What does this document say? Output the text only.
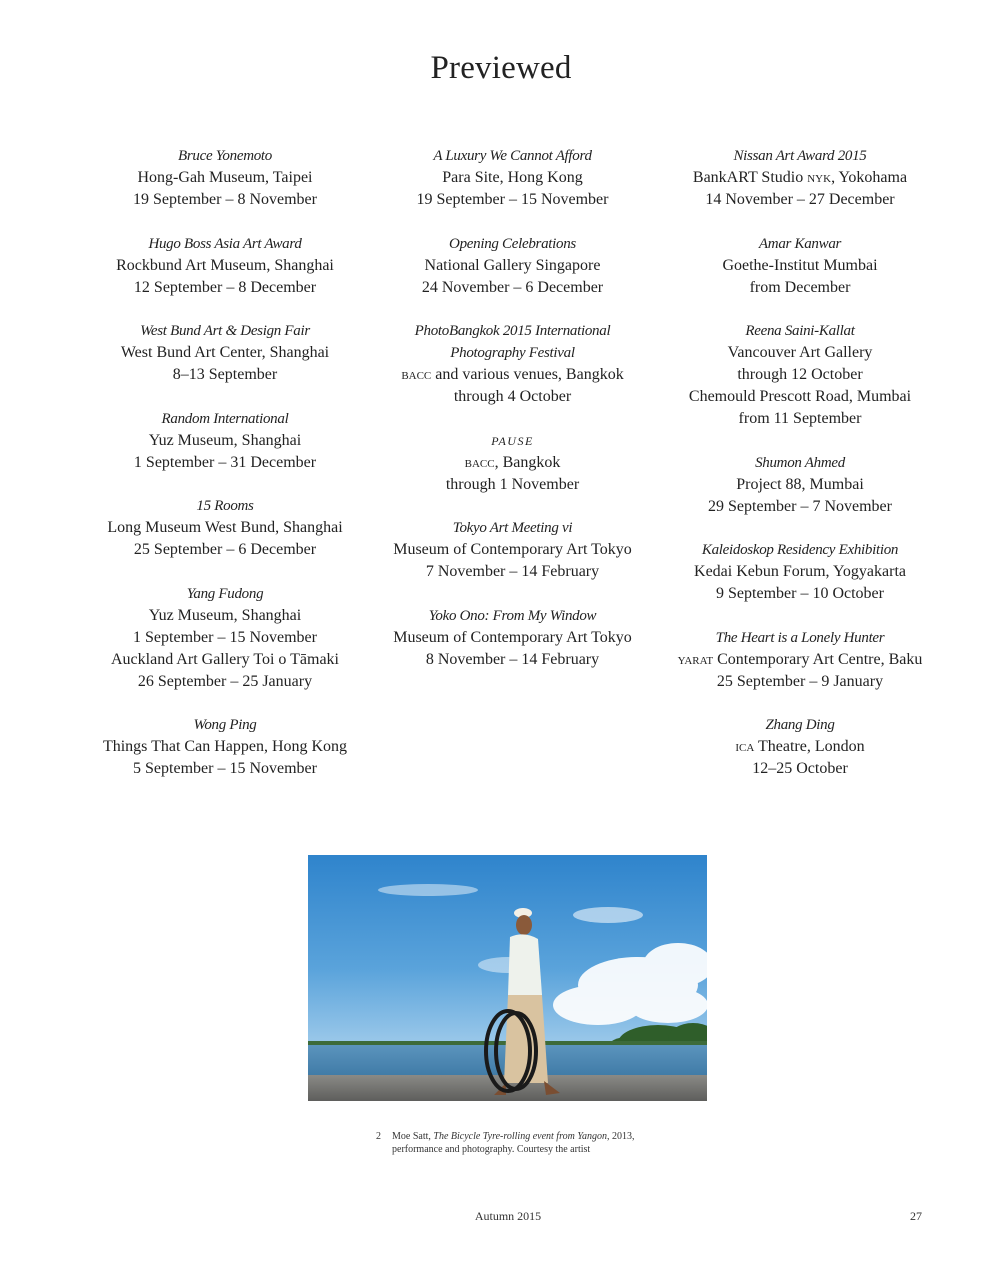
Previewed
Bruce Yonemoto
Hong-Gah Museum, Taipei
19 September – 8 November
Hugo Boss Asia Art Award
Rockbund Art Museum, Shanghai
12 September – 8 December
West Bund Art & Design Fair
West Bund Art Center, Shanghai
8–13 September
Random International
Yuz Museum, Shanghai
1 September – 31 December
15 Rooms
Long Museum West Bund, Shanghai
25 September – 6 December
Yang Fudong
Yuz Museum, Shanghai
1 September – 15 November
Auckland Art Gallery Toi o Tāmaki
26 September – 25 January
Wong Ping
Things That Can Happen, Hong Kong
5 September – 15 November
A Luxury We Cannot Afford
Para Site, Hong Kong
19 September – 15 November
Opening Celebrations
National Gallery Singapore
24 November – 6 December
PhotoBangkok 2015 International
Photography Festival
bacc and various venues, Bangkok
through 4 October
PAUSE
bacc, Bangkok
through 1 November
Tokyo Art Meeting vi
Museum of Contemporary Art Tokyo
7 November – 14 February
Yoko Ono: From My Window
Museum of Contemporary Art Tokyo
8 November – 14 February
Nissan Art Award 2015
BankART Studio nyk, Yokohama
14 November – 27 December
Amar Kanwar
Goethe-Institut Mumbai
from December
Reena Saini-Kallat
Vancouver Art Gallery
through 12 October
Chemould Prescott Road, Mumbai
from 11 September
Shumon Ahmed
Project 88, Mumbai
29 September – 7 November
Kaleidoskop Residency Exhibition
Kedai Kebun Forum, Yogyakarta
9 September – 10 October
The Heart is a Lonely Hunter
yarat Contemporary Art Centre, Baku
25 September – 9 January
Zhang Ding
ica Theatre, London
12–25 October
2 Moe Satt, The Bicycle Tyre-rolling event from Yangon, 2013, performance and photography. Courtesy the artist
Autumn 2015	27
